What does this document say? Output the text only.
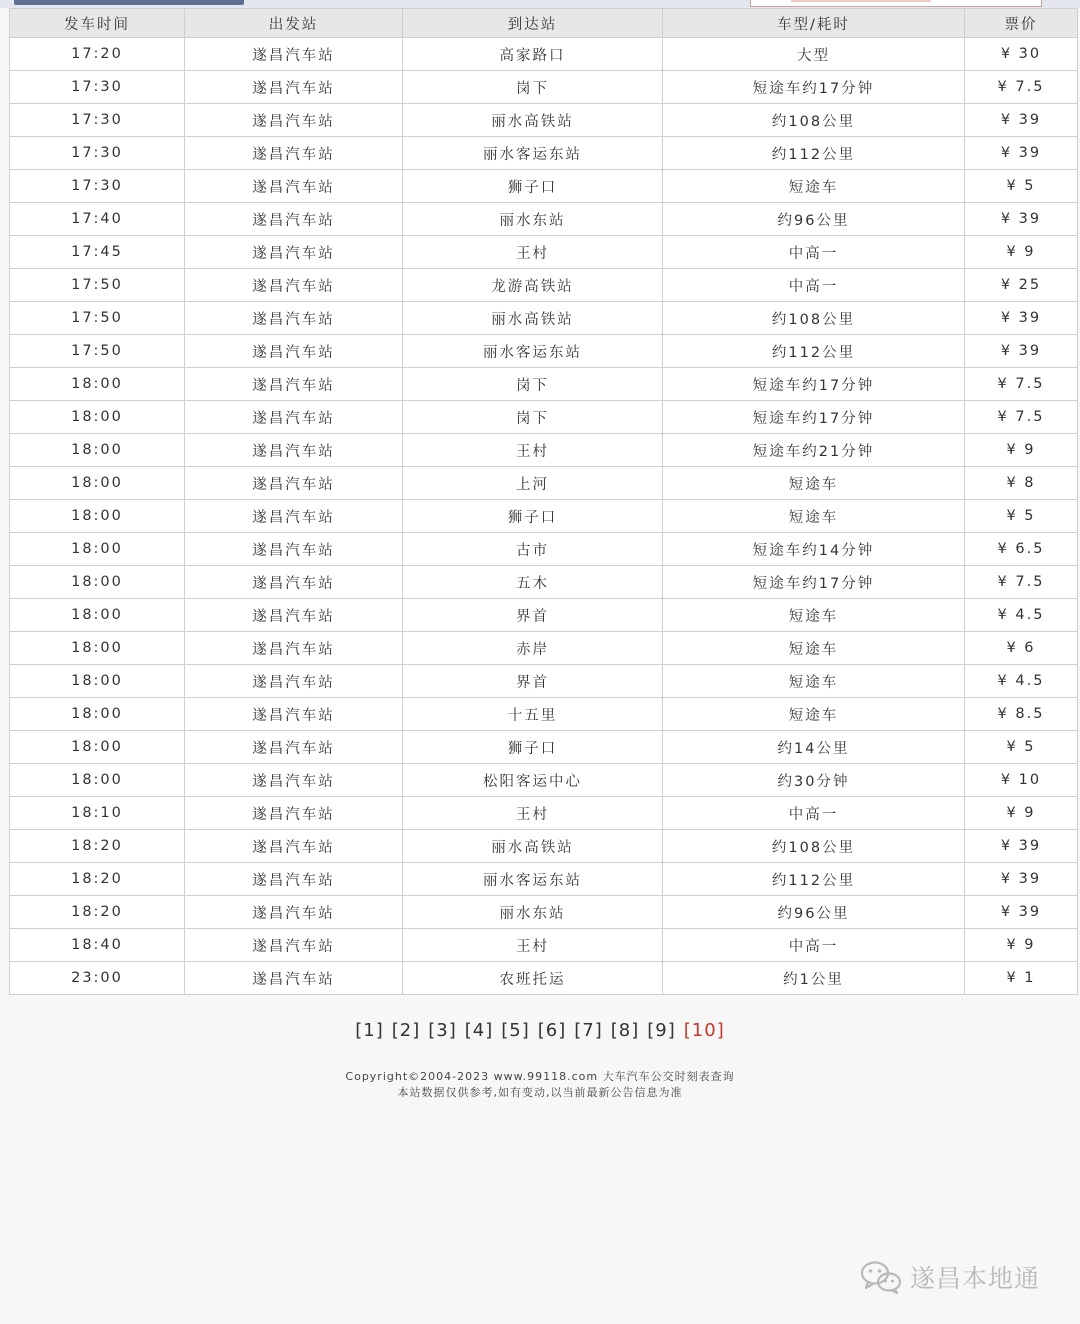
发车时间	出发站	到达站	车型/耗时	票价
17:20	遂昌汽车站	高家路口	大型	¥ 30
17:30	遂昌汽车站	岗下	短途车约17分钟	¥ 7.5
17:30	遂昌汽车站	丽水高铁站	约108公里	¥ 39
17:30	遂昌汽车站	丽水客运东站	约112公里	¥ 39
17:30	遂昌汽车站	狮子口	短途车	¥ 5
17:40	遂昌汽车站	丽水东站	约96公里	¥ 39
17:45	遂昌汽车站	王村	中高一	¥ 9
17:50	遂昌汽车站	龙游高铁站	中高一	¥ 25
17:50	遂昌汽车站	丽水高铁站	约108公里	¥ 39
17:50	遂昌汽车站	丽水客运东站	约112公里	¥ 39
18:00	遂昌汽车站	岗下	短途车约17分钟	¥ 7.5
18:00	遂昌汽车站	岗下	短途车约17分钟	¥ 7.5
18:00	遂昌汽车站	王村	短途车约21分钟	¥ 9
18:00	遂昌汽车站	上河	短途车	¥ 8
18:00	遂昌汽车站	狮子口	短途车	¥ 5
18:00	遂昌汽车站	古市	短途车约14分钟	¥ 6.5
18:00	遂昌汽车站	五木	短途车约17分钟	¥ 7.5
18:00	遂昌汽车站	界首	短途车	¥ 4.5
18:00	遂昌汽车站	赤岸	短途车	¥ 6
18:00	遂昌汽车站	界首	短途车	¥ 4.5
18:00	遂昌汽车站	十五里	短途车	¥ 8.5
18:00	遂昌汽车站	狮子口	约14公里	¥ 5
18:00	遂昌汽车站	松阳客运中心	约30分钟	¥ 10
18:10	遂昌汽车站	王村	中高一	¥ 9
18:20	遂昌汽车站	丽水高铁站	约108公里	¥ 39
18:20	遂昌汽车站	丽水客运东站	约112公里	¥ 39
18:20	遂昌汽车站	丽水东站	约96公里	¥ 39
18:40	遂昌汽车站	王村	中高一	¥ 9
23:00	遂昌汽车站	农班托运	约1公里	¥ 1
[1] [2] [3] [4] [5] [6] [7] [8] [9] [10]
Copyright©2004-2023 www.99118.com 大车汽车公交时刻表查询
本站数据仅供参考,如有变动,以当前最新公告信息为准
遂昌本地通
